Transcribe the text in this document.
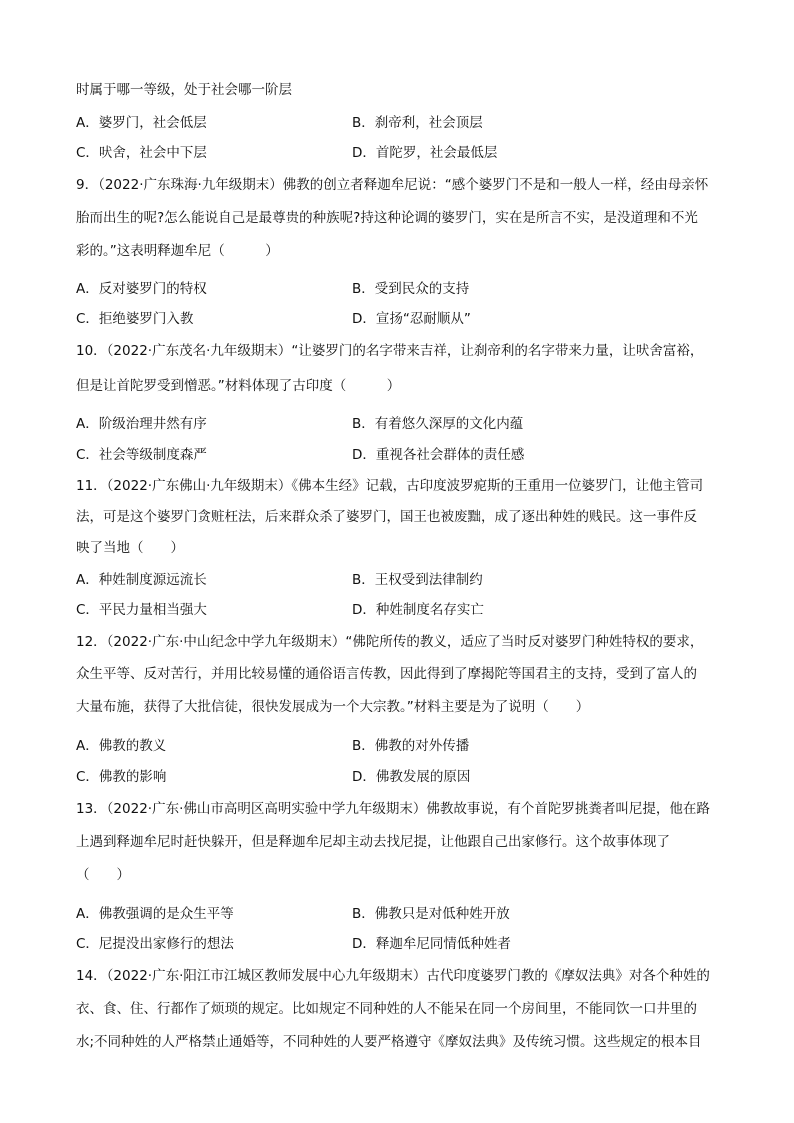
时属于哪一等级，处于社会哪一阶层
A．婆罗门，社会低层	B．刹帝利，社会顶层
C．吠舍，社会中下层	D．首陀罗，社会最低层
9．（2022·广东珠海·九年级期末）佛教的创立者释迦牟尼说：“感个婆罗门不是和一般人一样，经由母亲怀
胎而出生的呢?怎么能说自己是最尊贵的种族呢?持这种论调的婆罗门，实在是所言不实，是没道理和不光
彩的。”这表明释迦牟尼（　　　）
A．反对婆罗门的特权	B．受到民众的支持
C．拒绝婆罗门入教	D．宣扬“忍耐顺从”
10．（2022·广东茂名·九年级期末）“让婆罗门的名字带来吉祥，让刹帝利的名字带来力量，让吠舍富裕，
但是让首陀罗受到憎恶。”材料体现了古印度（　　　）
A．阶级治理井然有序	B．有着悠久深厚的文化内蕴
C．社会等级制度森严	D．重视各社会群体的责任感
11．（2022·广东佛山·九年级期末）《佛本生经》记载，古印度波罗痆斯的王重用一位婆罗门，让他主管司
法，可是这个婆罗门贪赃枉法，后来群众杀了婆罗门，国王也被废黜，成了逐出种姓的贱民。这一事件反
映了当地（　　）
A．种姓制度源远流长	B．王权受到法律制约
C．平民力量相当强大	D．种姓制度名存实亡
12．（2022·广东·中山纪念中学九年级期末）“佛陀所传的教义，适应了当时反对婆罗门种姓特权的要求，
众生平等、反对苦行，并用比较易懂的通俗语言传教，因此得到了摩揭陀等国君主的支持，受到了富人的
大量布施，获得了大批信徒，很快发展成为一个大宗教。”材料主要是为了说明（　　）
A．佛教的教义	B．佛教的对外传播
C．佛教的影响	D．佛教发展的原因
13．（2022·广东·佛山市高明区高明实验中学九年级期末）佛教故事说，有个首陀罗挑粪者叫尼提，他在路
上遇到释迦牟尼时赶快躲开，但是释迦牟尼却主动去找尼提，让他跟自己出家修行。这个故事体现了
（　　）
A．佛教强调的是众生平等	B．佛教只是对低种姓开放
C．尼提没出家修行的想法	D．释迦牟尼同情低种姓者
14．（2022·广东·阳江市江城区教师发展中心九年级期末）古代印度婆罗门教的《摩奴法典》对各个种姓的
衣、食、住、行都作了烦琐的规定。比如规定不同种姓的人不能呆在同一个房间里，不能同饮一口井里的
水;不同种姓的人严格禁止通婚等，不同种姓的人要严格遵守《摩奴法典》及传统习惯。这些规定的根本目
